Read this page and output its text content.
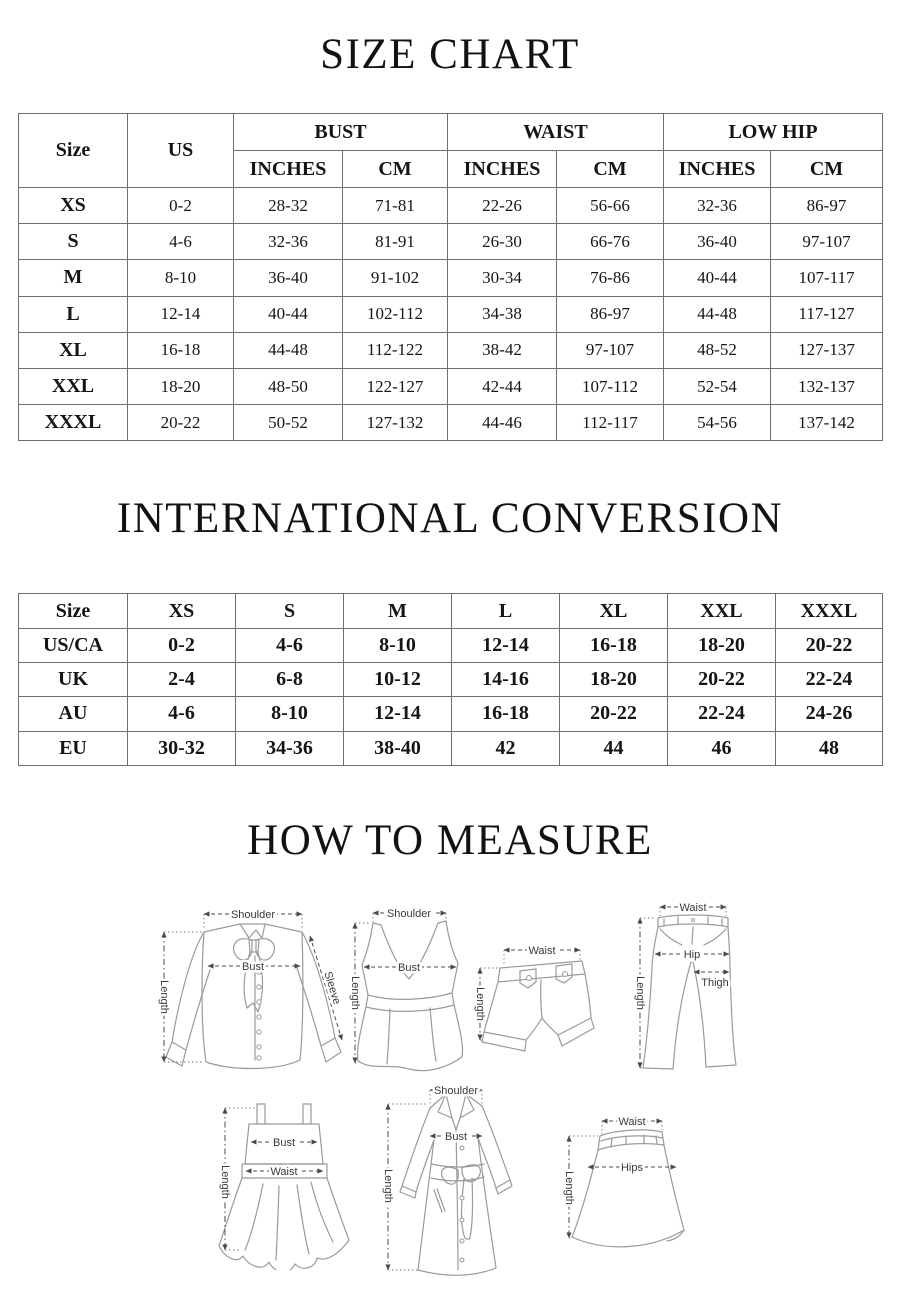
SIZE CHART
Size	US	BUST		WAIST		LOW HIP	
		INCHES	CM	INCHES	CM	INCHES	CM
XS	0-2	28-32	71-81	22-26	56-66	32-36	86-97
S	4-6	32-36	81-91	26-30	66-76	36-40	97-107
M	8-10	36-40	91-102	30-34	76-86	40-44	107-117
L	12-14	40-44	102-112	34-38	86-97	44-48	117-127
XL	16-18	44-48	112-122	38-42	97-107	48-52	127-137
XXL	18-20	48-50	122-127	42-44	107-112	52-54	132-137
XXXL	20-22	50-52	127-132	44-46	112-117	54-56	137-142
INTERNATIONAL CONVERSION
Size	XS	S	M	L	XL	XXL	XXXL
US/CA	0-2	4-6	8-10	12-14	16-18	18-20	20-22
UK	2-4	6-8	10-12	14-16	18-20	20-22	22-24
AU	4-6	8-10	12-14	16-18	20-22	22-24	24-26
EU	30-32	34-36	38-40	42	44	46	48
HOW TO MEASURE
Shoulder
Bust
Length	Sleeve
Shoulder
Bust
Length
Waist
Length
Waist
Hip
Thigh
Length
Bust
Waist
Length
Shoulder
Bust
Length
Waist
Hips
Length
